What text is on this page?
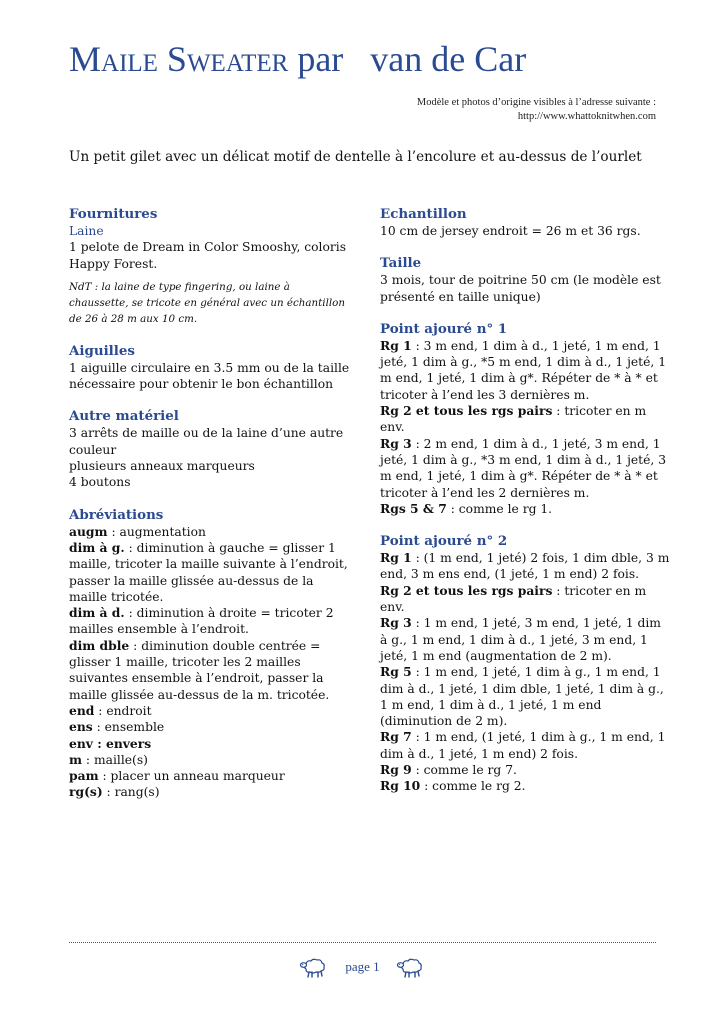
Maile Sweater par   van de Car
Modèle et photos d’origine visibles à l’adresse suivante :
http://www.whattoknitwhen.com
Un petit gilet avec un délicat motif de dentelle à l’encolure et au-dessus de l’ourlet
Fournitures
Laine

1 pelote de Dream in Color Smooshy, coloris

Happy Forest.

NdT : la laine de type fingering, ou laine à chaussette, se tricote en général avec un échantillon de 26 à 28 m aux 10 cm.

Aiguilles

1 aiguille circulaire en 3.5 mm ou de la taille nécessaire pour obtenir le bon échantillon

Autre matériel

3 arrêts de maille ou de la laine d’une autre couleur

plusieurs anneaux marqueurs

4 boutons

Abréviations

augm : augmentation

dim à g. : diminution à gauche = glisser 1 maille, tricoter la maille suivante à l’endroit, passer la maille glissée au-dessus de la maille tricotée.

dim à d. : diminution à droite = tricoter 2 mailles ensemble à l’endroit.

dim dble : diminution double centrée = glisser 1 maille, tricoter les 2 mailles suivantes ensemble à l’endroit, passer la maille glissée au-dessus de la m. tricotée.

end : endroit

ens : ensemble

env : envers

m : maille(s)

pam : placer un anneau marqueur

rg(s) : rang(s)

Echantillon

10 cm de jersey endroit = 26 m et 36 rgs.

Taille

3 mois, tour de poitrine 50 cm (le modèle est présenté en taille unique)

Point ajouré n° 1

Rg 1 : 3 m end, 1 dim à d., 1 jeté, 1 m end, 1 jeté, 1 dim à g., *5 m end, 1 dim à d., 1 jeté, 1 m end, 1 jeté, 1 dim à g*. Répéter de * à * et tricoter à l’end les 3 dernières m.

Rg 2 et tous les rgs pairs : tricoter en m env.

Rg 3 : 2 m end, 1 dim à d., 1 jeté, 3 m end, 1 jeté, 1 dim à g., *3 m end, 1 dim à d., 1 jeté, 3 m end, 1 jeté, 1 dim à g*. Répéter de * à * et tricoter à l’end les 2 dernières m.

Rgs 5 & 7 : comme le rg 1.

Point ajouré n° 2

Rg 1 : (1 m end, 1 jeté) 2 fois, 1 dim dble, 3 m end, 3 m ens end, (1 jeté, 1 m end) 2 fois.

Rg 2 et tous les rgs pairs : tricoter en m env.

Rg 3 : 1 m end, 1 jeté, 3 m end, 1 jeté, 1 dim à g., 1 m end, 1 dim à d., 1 jeté, 3 m end, 1 jeté, 1 m end (augmentation de 2 m).

Rg 5 : 1 m end, 1 jeté, 1 dim à g., 1 m end, 1 dim à d., 1 jeté, 1 dim dble, 1 jeté, 1 dim à g., 1 m end, 1 dim à d., 1 jeté, 1 m end (diminution de 2 m).

Rg 7 : 1 m end, (1 jeté, 1 dim à g., 1 m end, 1 dim à d., 1 jeté, 1 m end) 2 fois.

Rg 9 : comme le rg 7.

Rg 10 : comme le rg 2.

page 1
